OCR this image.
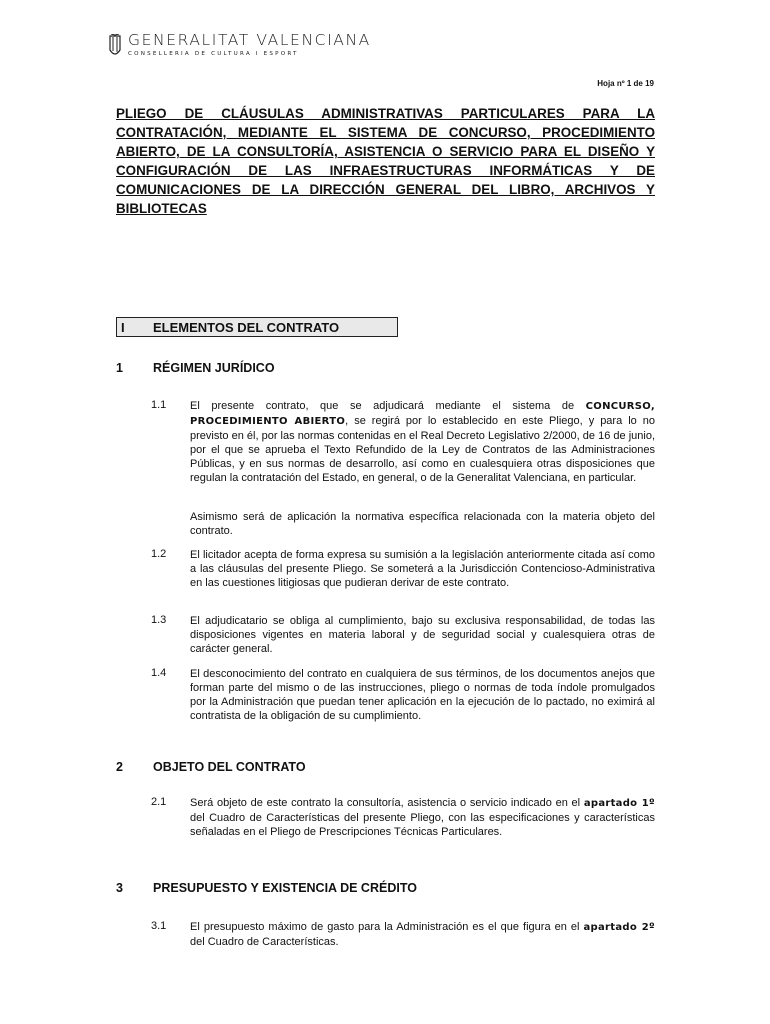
GENERALITAT VALENCIANA
CONSELLERIA DE CULTURA I ESPORT
Hoja nº 1 de 19
PLIEGO DE CLÁUSULAS ADMINISTRATIVAS PARTICULARES PARA LA CONTRATACIÓN, MEDIANTE EL SISTEMA DE CONCURSO, PROCEDIMIENTO ABIERTO, DE LA CONSULTORÍA, ASISTENCIA O SERVICIO PARA EL DISEÑO Y CONFIGURACIÓN DE LAS INFRAESTRUCTURAS INFORMÁTICAS Y DE COMUNICACIONES DE LA DIRECCIÓN GENERAL DEL LIBRO, ARCHIVOS Y BIBLIOTECAS
I ELEMENTOS DEL CONTRATO
1 RÉGIMEN JURÍDICO
1.1 El presente contrato, que se adjudicará mediante el sistema de CONCURSO, PROCEDIMIENTO ABIERTO, se regirá por lo establecido en este Pliego, y para lo no previsto en él, por las normas contenidas en el Real Decreto Legislativo 2/2000, de 16 de junio, por el que se aprueba el Texto Refundido de la Ley de Contratos de las Administraciones Públicas, y en sus normas de desarrollo, así como en cualesquiera otras disposiciones que regulan la contratación del Estado, en general, o de la Generalitat Valenciana, en particular.
Asimismo será de aplicación la normativa específica relacionada con la materia objeto del contrato.
1.2 El licitador acepta de forma expresa su sumisión a la legislación anteriormente citada así como a las cláusulas del presente Pliego. Se someterá a la Jurisdicción Contencioso-Administrativa en las cuestiones litigiosas que pudieran derivar de este contrato.
1.3 El adjudicatario se obliga al cumplimiento, bajo su exclusiva responsabilidad, de todas las disposiciones vigentes en materia laboral y de seguridad social y cualesquiera otras de carácter general.
1.4 El desconocimiento del contrato en cualquiera de sus términos, de los documentos anejos que forman parte del mismo o de las instrucciones, pliego o normas de toda índole promulgados por la Administración que puedan tener aplicación en la ejecución de lo pactado, no eximirá al contratista de la obligación de su cumplimiento.
2 OBJETO DEL CONTRATO
2.1 Será objeto de este contrato la consultoría, asistencia o servicio indicado en el apartado 1º del Cuadro de Características del presente Pliego, con las especificaciones y características señaladas en el Pliego de Prescripciones Técnicas Particulares.
3 PRESUPUESTO Y EXISTENCIA DE CRÉDITO
3.1 El presupuesto máximo de gasto para la Administración es el que figura en el apartado 2º del Cuadro de Características.
